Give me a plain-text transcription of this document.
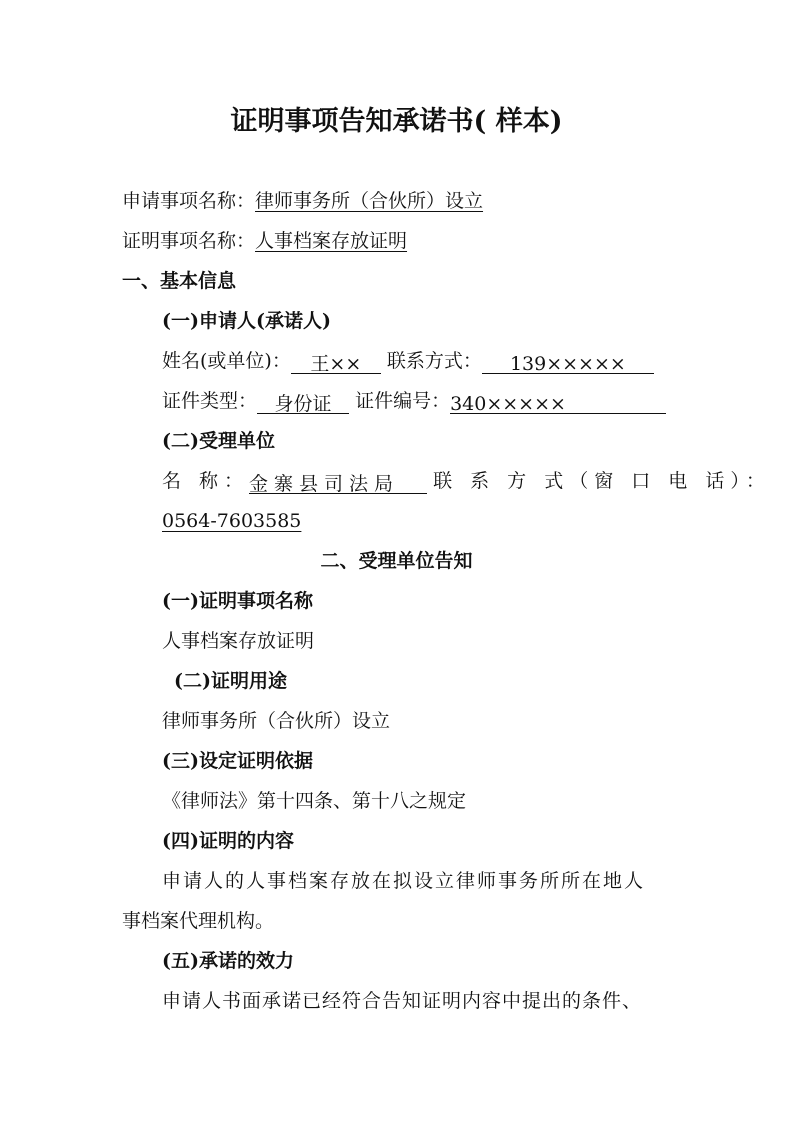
证明事项告知承诺书( 样本)
申请事项名称：律师事务所（合伙所）设立
证明事项名称：人事档案存放证明
一、基本信息
(一)申请人(承诺人)
姓名(或单位)： 王×× 联系方式： 139×××××
证件类型： 身份证 证件编号：340×××××
(二)受理单位
名 称：金寨县司法局 联 系 方 式（窗 口 电 话）：
0564-7603585
二、受理单位告知
(一)证明事项名称
人事档案存放证明
(二)证明用途
律师事务所（合伙所）设立
(三)设定证明依据
《律师法》第十四条、第十八之规定
(四)证明的内容
申请人的人事档案存放在拟设立律师事务所所在地人
事档案代理机构。
(五)承诺的效力
申请人书面承诺已经符合告知证明内容中提出的条件、
